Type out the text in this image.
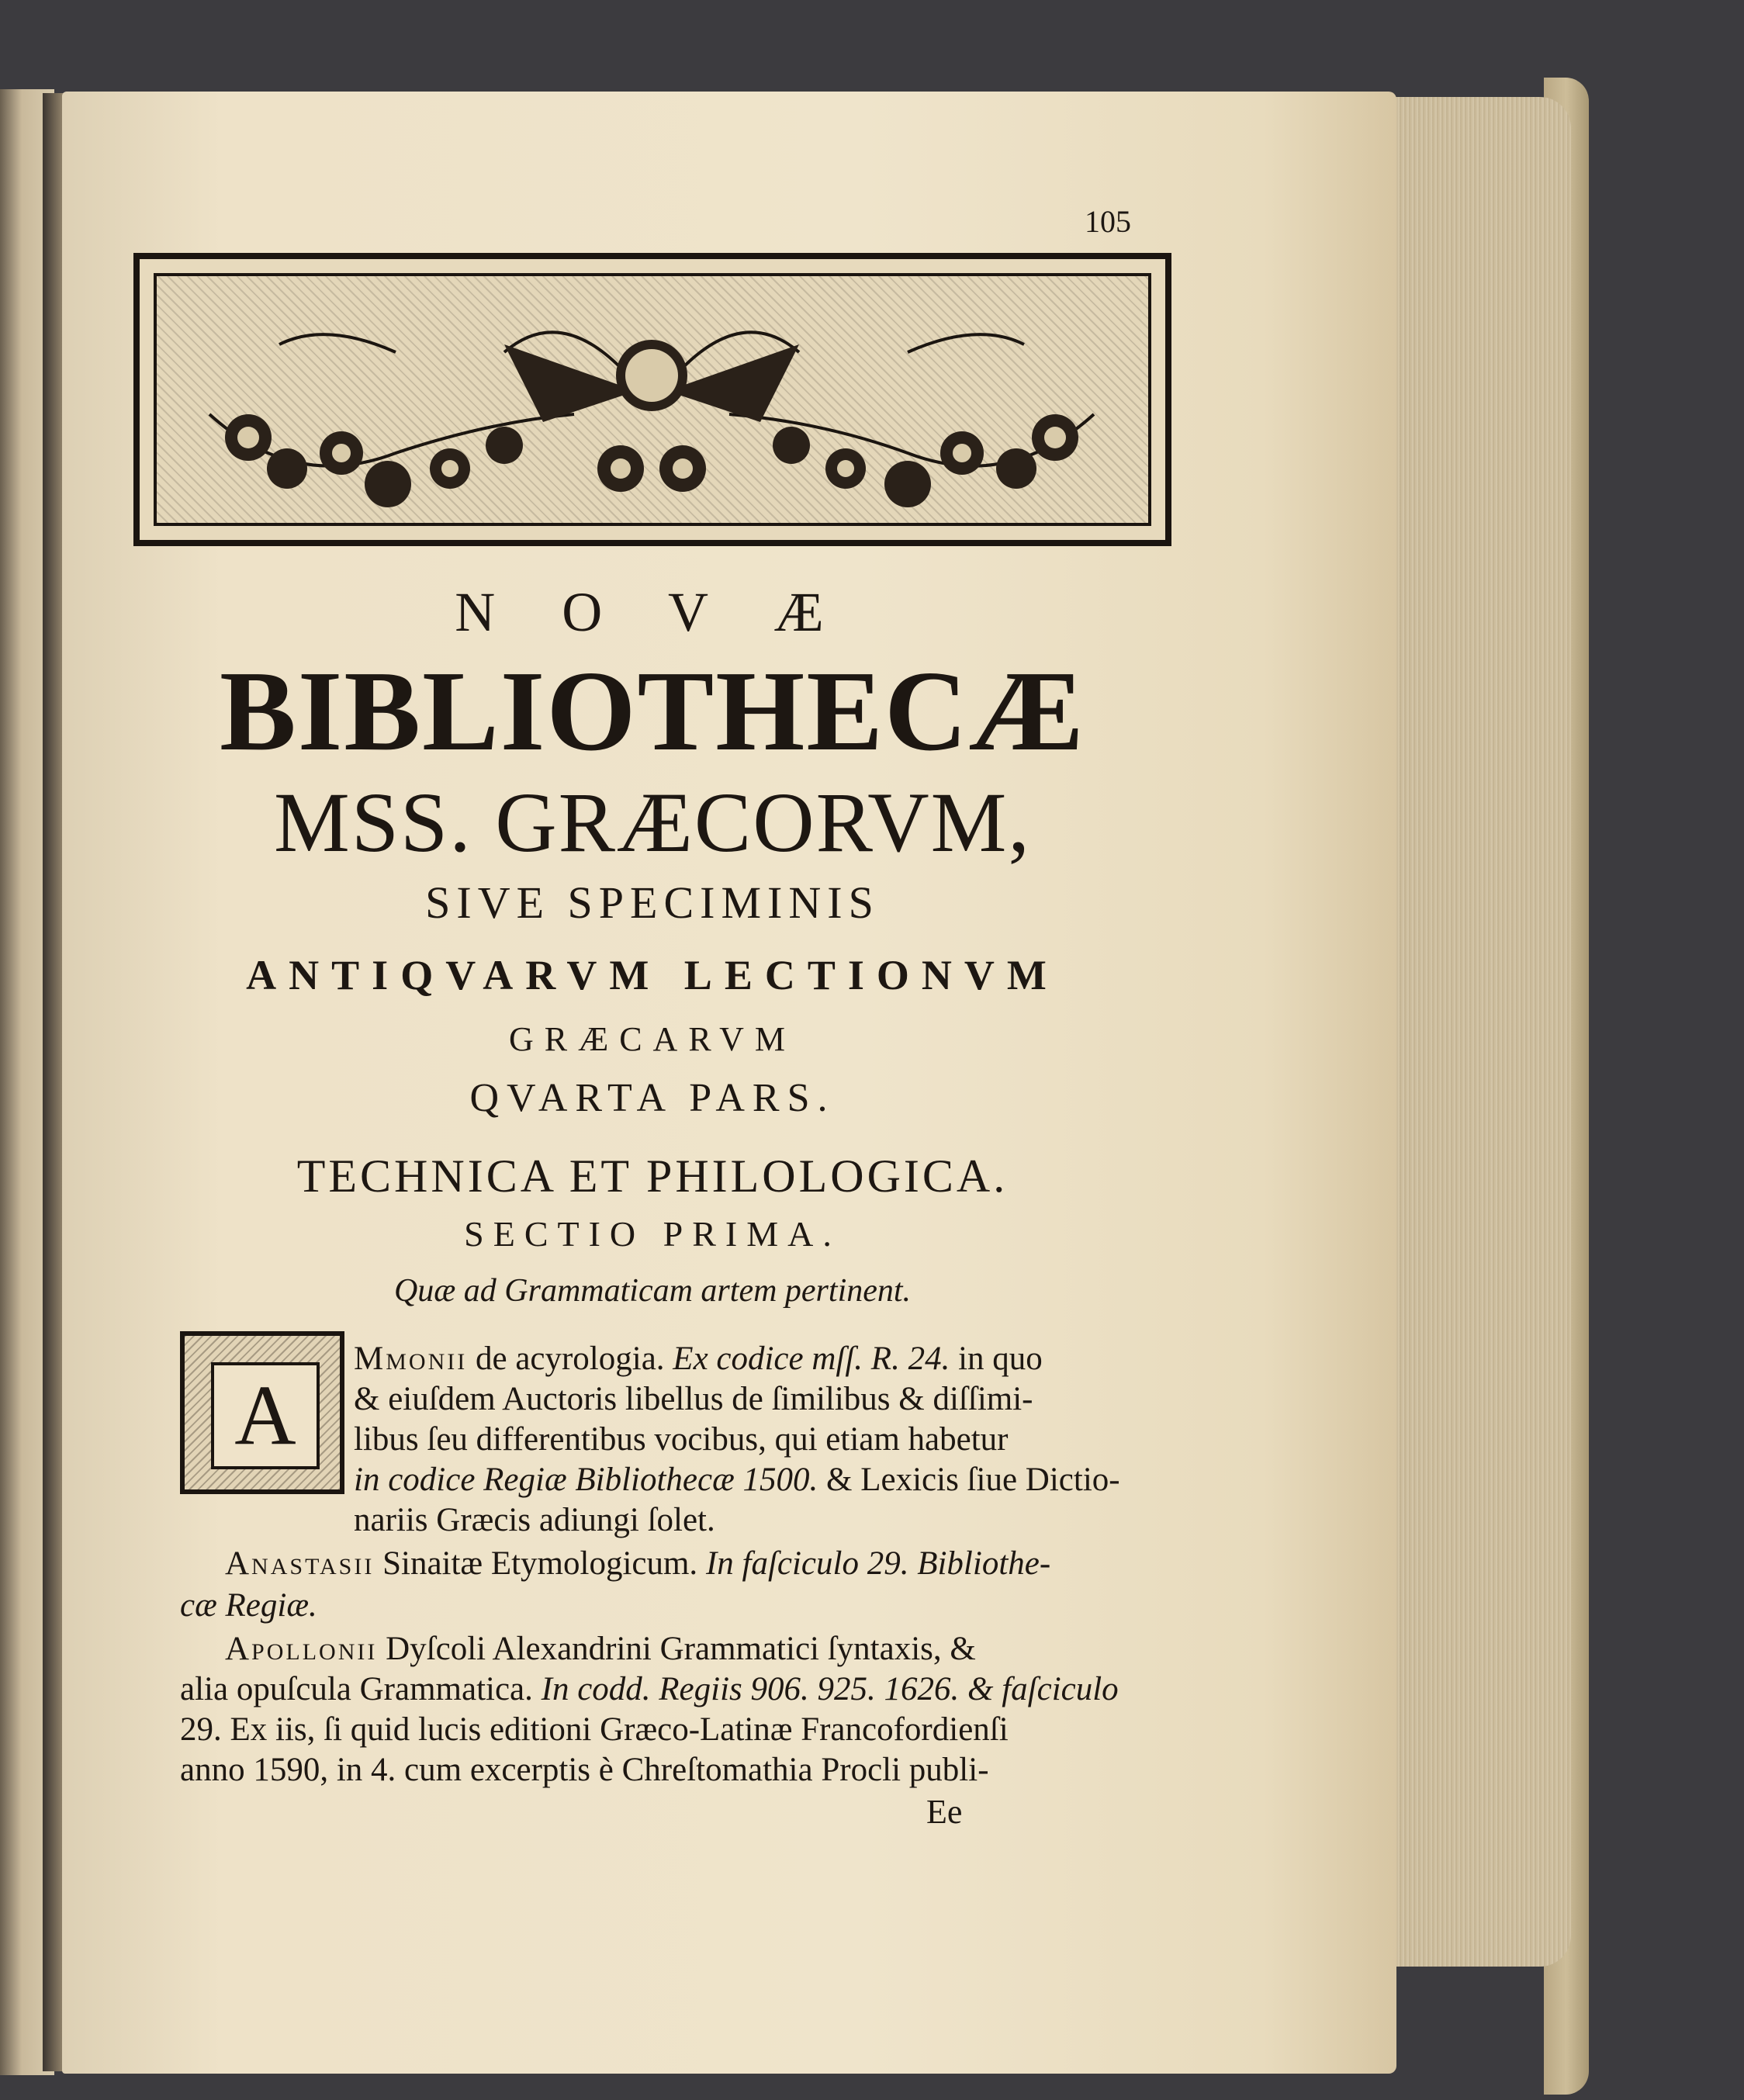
105
N O V Æ
BIBLIOTHECÆ
MSS. GRÆCORVM,
SIVE SPECIMINIS
ANTIQVARVM LECTIONVM
GRÆCARVM
QVARTA PARS.
TECHNICA ET PHILOLOGICA.
SECTIO PRIMA.
Quæ ad Grammaticam artem pertinent.
A
Mmonii de acyrologia. Ex codice mſſ. R. 24. in quo
& eiuſdem Auctoris libellus de ſimilibus & diſſimi-
libus ſeu differentibus vocibus, qui etiam habetur
in codice Regiæ Bibliothecæ 1500. & Lexicis ſiue Dictio-
nariis Græcis adiungi ſolet.
Anastasii Sinaitæ Etymologicum. In faſciculo 29. Bibliothe-
cæ Regiæ.
Apollonii Dyſcoli Alexandrini Grammatici ſyntaxis, &
alia opuſcula Grammatica. In codd. Regiis 906. 925. 1626. & faſciculo
29. Ex iis, ſi quid lucis editioni Græco-Latinæ Francofordienſi
anno 1590, in 4. cum excerptis è Chreſtomathia Procli publi-
Ee
